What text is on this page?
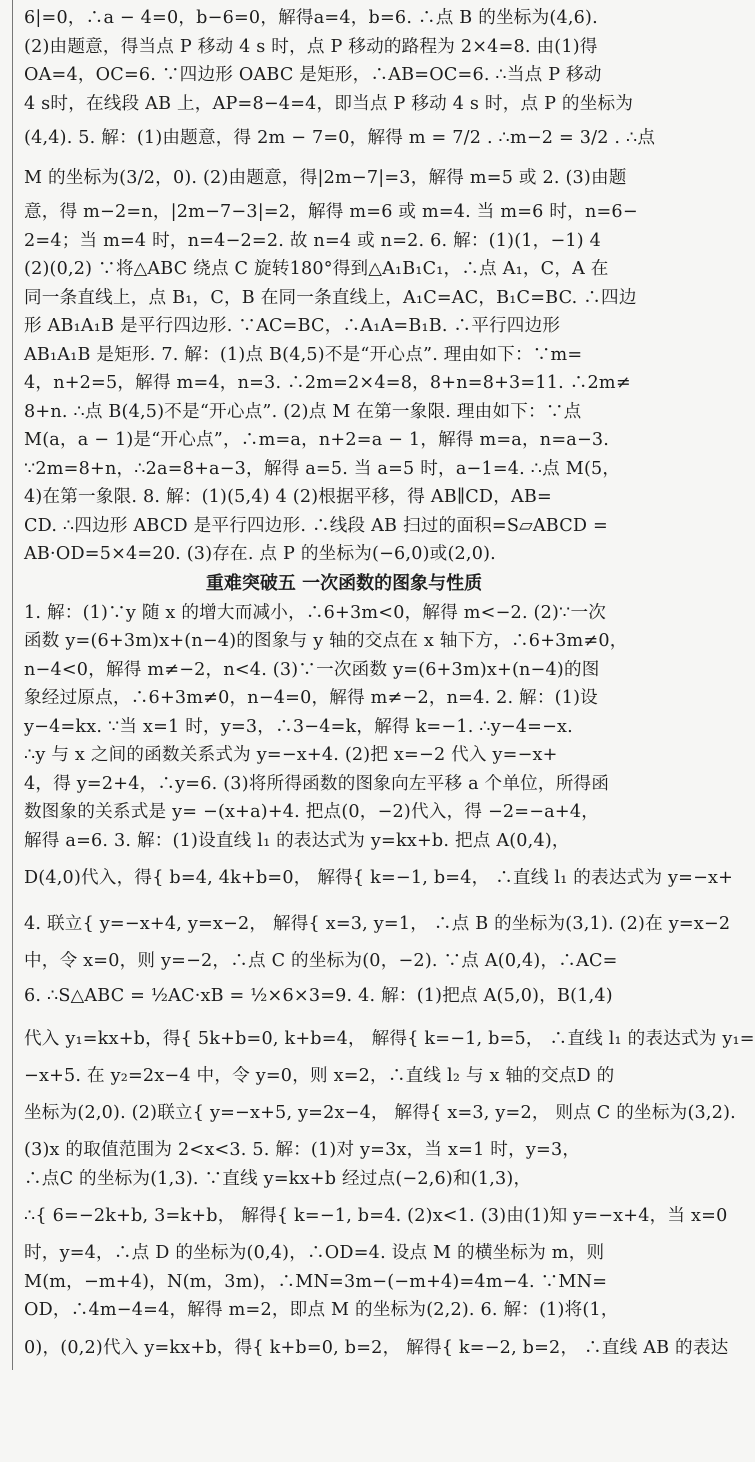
6|=0，∴a − 4=0，b−6=0，解得a=4，b=6. ∴点 B 的坐标为(4,6).
(2)由题意，得当点 P 移动 4 s 时，点 P 移动的路程为 2×4=8. 由(1)得
OA=4，OC=6. ∵四边形 OABC 是矩形，∴AB=OC=6. ∴当点 P 移动
4 s时，在线段 AB 上，AP=8−4=4，即当点 P 移动 4 s 时，点 P 的坐标为
(4,4). 5. 解：(1)由题意，得 2m − 7=0，解得 m = 7/2 . ∴m−2 = 3/2 . ∴点
M 的坐标为(3/2，0). (2)由题意，得|2m−7|=3，解得 m=5 或 2. (3)由题
意，得 m−2=n，|2m−7−3|=2，解得 m=6 或 m=4. 当 m=6 时，n=6−
2=4；当 m=4 时，n=4−2=2. 故 n=4 或 n=2. 6. 解：(1)(1，−1) 4
(2)(0,2) ∵将△ABC 绕点 C 旋转180°得到△A₁B₁C₁，∴点 A₁，C，A 在
同一条直线上，点 B₁，C，B 在同一条直线上，A₁C=AC，B₁C=BC. ∴四边
形 AB₁A₁B 是平行四边形. ∵AC=BC，∴A₁A=B₁B. ∴平行四边形
AB₁A₁B 是矩形. 7. 解：(1)点 B(4,5)不是“开心点”. 理由如下：∵m=
4，n+2=5，解得 m=4，n=3. ∴2m=2×4=8，8+n=8+3=11. ∴2m≠
8+n. ∴点 B(4,5)不是“开心点”. (2)点 M 在第一象限. 理由如下：∵点
M(a，a − 1)是“开心点”，∴m=a，n+2=a − 1，解得 m=a，n=a−3.
∵2m=8+n，∴2a=8+a−3，解得 a=5. 当 a=5 时，a−1=4. ∴点 M(5，
4)在第一象限. 8. 解：(1)(5,4) 4 (2)根据平移，得 AB∥CD，AB=
CD. ∴四边形 ABCD 是平行四边形. ∴线段 AB 扫过的面积=S▱ABCD =
AB·OD=5×4=20. (3)存在. 点 P 的坐标为(−6,0)或(2,0).
重难突破五 一次函数的图象与性质
1. 解：(1)∵y 随 x 的增大而减小，∴6+3m<0，解得 m<−2. (2)∵一次
函数 y=(6+3m)x+(n−4)的图象与 y 轴的交点在 x 轴下方，∴6+3m≠0，
n−4<0，解得 m≠−2，n<4. (3)∵一次函数 y=(6+3m)x+(n−4)的图
象经过原点，∴6+3m≠0，n−4=0，解得 m≠−2，n=4. 2. 解：(1)设
y−4=kx. ∵当 x=1 时，y=3，∴3−4=k，解得 k=−1. ∴y−4=−x.
∴y 与 x 之间的函数关系式为 y=−x+4. (2)把 x=−2 代入 y=−x+
4，得 y=2+4，∴y=6. (3)将所得函数的图象向左平移 a 个单位，所得函
数图象的关系式是 y= −(x+a)+4. 把点(0，−2)代入，得 −2=−a+4，
解得 a=6. 3. 解：(1)设直线 l₁ 的表达式为 y=kx+b. 把点 A(0,4)，
D(4,0)代入，得{ b=4, 4k+b=0， 解得{ k=−1, b=4， ∴直线 l₁ 的表达式为 y=−x+
4. 联立{ y=−x+4, y=x−2， 解得{ x=3, y=1， ∴点 B 的坐标为(3,1). (2)在 y=x−2
中，令 x=0，则 y=−2，∴点 C 的坐标为(0，−2). ∵点 A(0,4)，∴AC=
6. ∴S△ABC = ½AC·xB = ½×6×3=9. 4. 解：(1)把点 A(5,0)，B(1,4)
代入 y₁=kx+b，得{ 5k+b=0, k+b=4， 解得{ k=−1, b=5， ∴直线 l₁ 的表达式为 y₁=
−x+5. 在 y₂=2x−4 中，令 y=0，则 x=2，∴直线 l₂ 与 x 轴的交点D 的
坐标为(2,0). (2)联立{ y=−x+5, y=2x−4， 解得{ x=3, y=2， 则点 C 的坐标为(3,2).
(3)x 的取值范围为 2<x<3. 5. 解：(1)对 y=3x，当 x=1 时，y=3，
∴点C 的坐标为(1,3). ∵直线 y=kx+b 经过点(−2,6)和(1,3)，
∴{ 6=−2k+b, 3=k+b， 解得{ k=−1, b=4. (2)x<1. (3)由(1)知 y=−x+4，当 x=0
时，y=4，∴点 D 的坐标为(0,4)，∴OD=4. 设点 M 的横坐标为 m，则
M(m，−m+4)，N(m，3m)，∴MN=3m−(−m+4)=4m−4. ∵MN=
OD，∴4m−4=4，解得 m=2，即点 M 的坐标为(2,2). 6. 解：(1)将(1，
0)，(0,2)代入 y=kx+b，得{ k+b=0, b=2， 解得{ k=−2, b=2， ∴直线 AB 的表达
